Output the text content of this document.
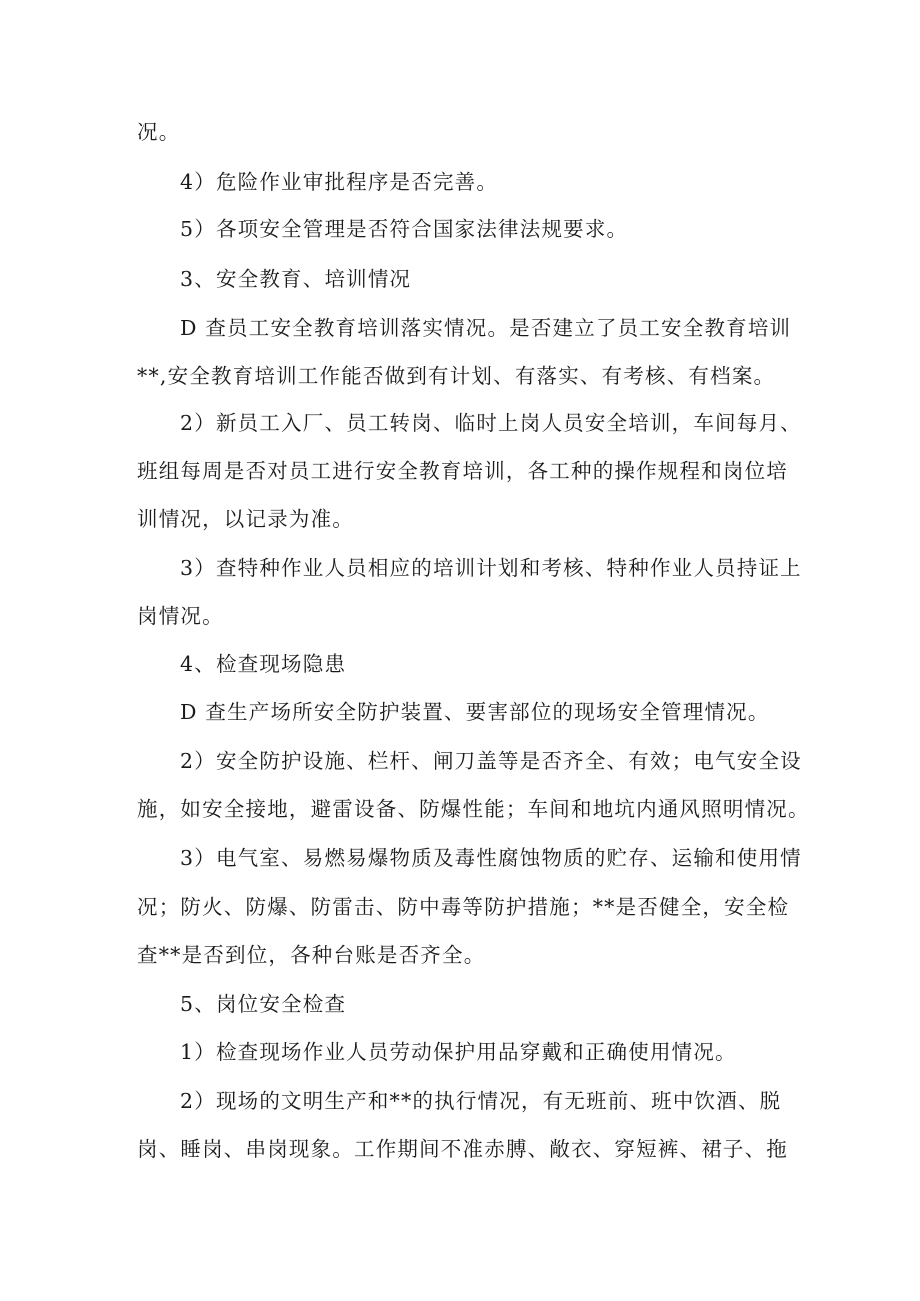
况。
4）危险作业审批程序是否完善。
5）各项安全管理是否符合国家法律法规要求。
3、安全教育、培训情况
D 查员工安全教育培训落实情况。是否建立了员工安全教育培训
**,安全教育培训工作能否做到有计划、有落实、有考核、有档案。
2）新员工入厂、员工转岗、临时上岗人员安全培训，车间每月、
班组每周是否对员工进行安全教育培训，各工种的操作规程和岗位培
训情况，以记录为准。
3）查特种作业人员相应的培训计划和考核、特种作业人员持证上
岗情况。
4、检查现场隐患
D 查生产场所安全防护装置、要害部位的现场安全管理情况。
2）安全防护设施、栏杆、闸刀盖等是否齐全、有效；电气安全设
施，如安全接地，避雷设备、防爆性能；车间和地坑内通风照明情况。
3）电气室、易燃易爆物质及毒性腐蚀物质的贮存、运输和使用情
况；防火、防爆、防雷击、防中毒等防护措施；**是否健全，安全检
查**是否到位，各种台账是否齐全。
5、岗位安全检查
1）检查现场作业人员劳动保护用品穿戴和正确使用情况。
2）现场的文明生产和**的执行情况，有无班前、班中饮酒、脱
岗、睡岗、串岗现象。工作期间不准赤膊、敞衣、穿短裤、裙子、拖
